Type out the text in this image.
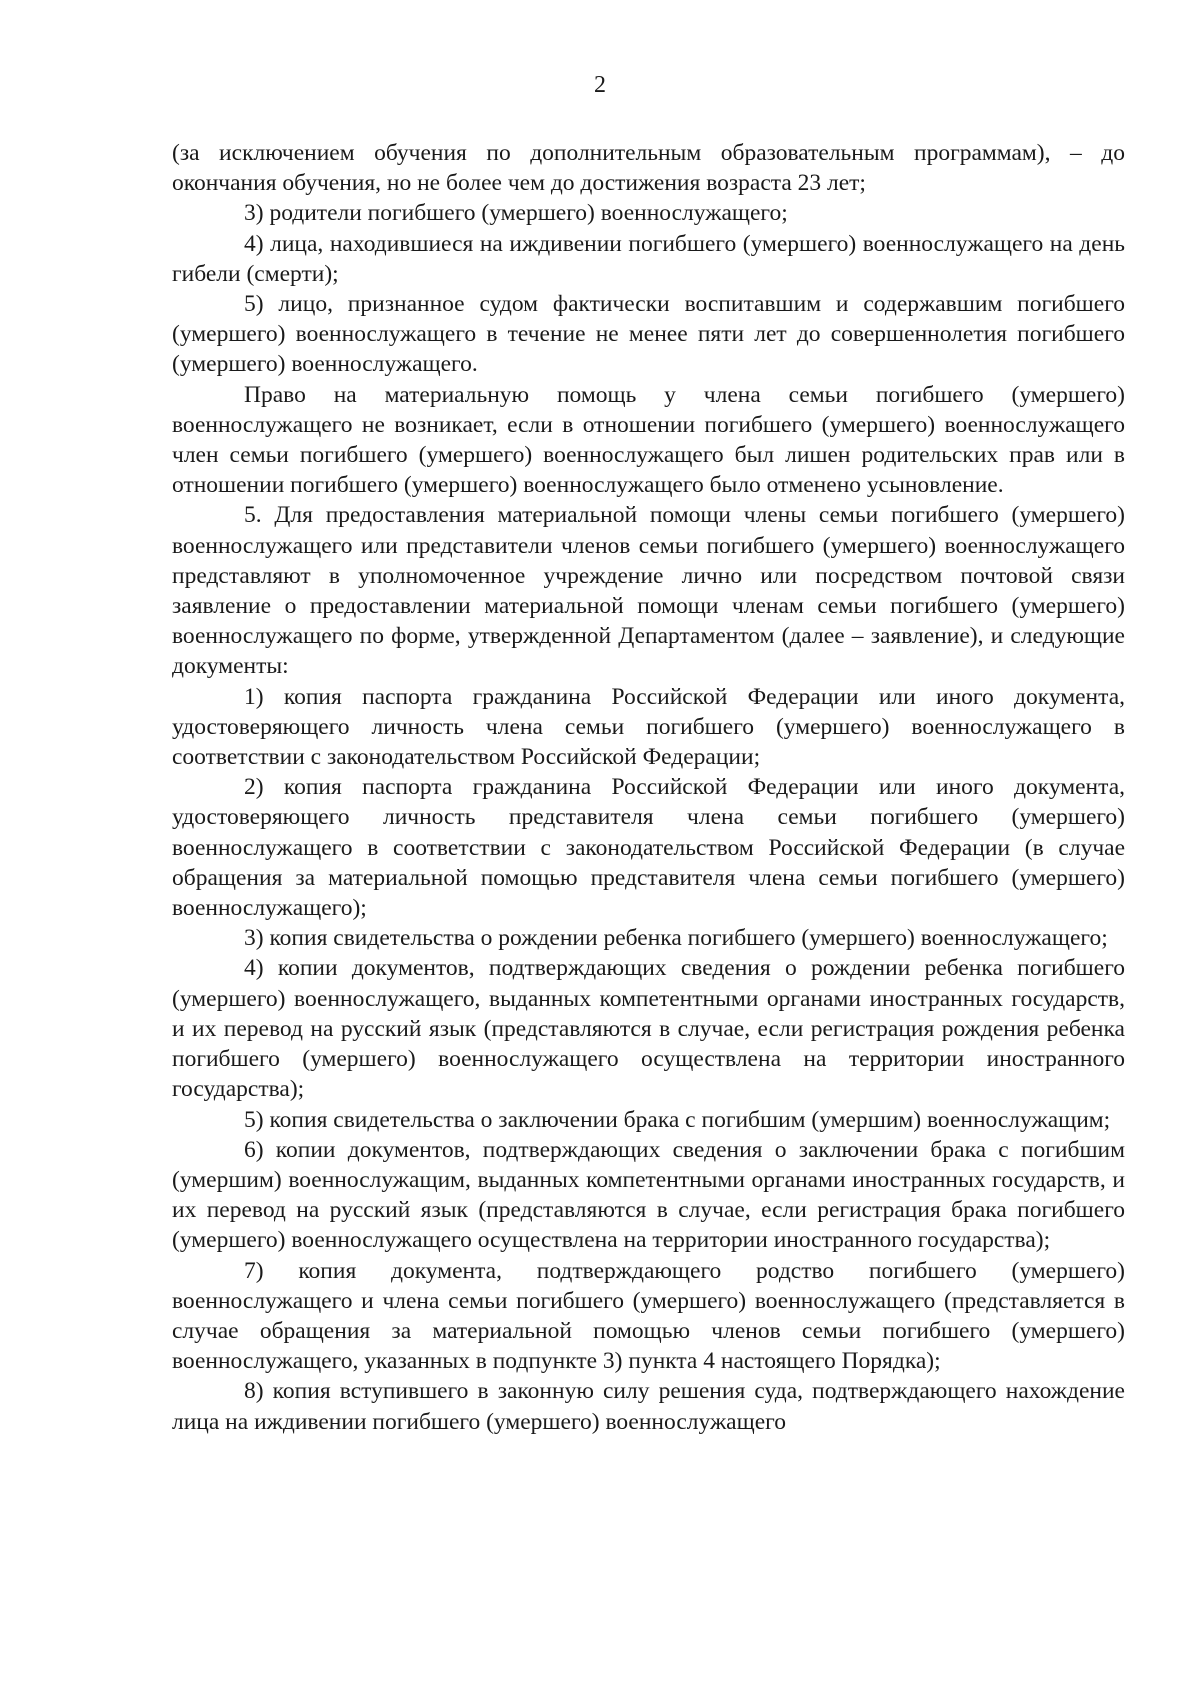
2

(за исключением обучения по дополнительным образовательным программам), – до окончания обучения, но не более чем до достижения возраста 23 лет;

3) родители погибшего (умершего) военнослужащего;

4) лица, находившиеся на иждивении погибшего (умершего) военнослужащего на день гибели (смерти);

5) лицо, признанное судом фактически воспитавшим и содержавшим погибшего (умершего) военнослужащего в течение не менее пяти лет до совершеннолетия погибшего (умершего) военнослужащего.

Право на материальную помощь у члена семьи погибшего (умершего) военнослужащего не возникает, если в отношении погибшего (умершего) военнослужащего член семьи погибшего (умершего) военнослужащего был лишен родительских прав или в отношении погибшего (умершего) военнослужащего было отменено усыновление.

5. Для предоставления материальной помощи члены семьи погибшего (умершего) военнослужащего или представители членов семьи погибшего (умершего) военнослужащего представляют в уполномоченное учреждение лично или посредством почтовой связи заявление о предоставлении материальной помощи членам семьи погибшего (умершего) военнослужащего по форме, утвержденной Департаментом (далее – заявление), и следующие документы:

1) копия паспорта гражданина Российской Федерации или иного документа, удостоверяющего личность члена семьи погибшего (умершего) военнослужащего в соответствии с законодательством Российской Федерации;

2) копия паспорта гражданина Российской Федерации или иного документа, удостоверяющего личность представителя члена семьи погибшего (умершего) военнослужащего в соответствии с законодательством Российской Федерации (в случае обращения за материальной помощью представителя члена семьи погибшего (умершего) военнослужащего);

3) копия свидетельства о рождении ребенка погибшего (умершего) военнослужащего;

4) копии документов, подтверждающих сведения о рождении ребенка погибшего (умершего) военнослужащего, выданных компетентными органами иностранных государств, и их перевод на русский язык (представляются в случае, если регистрация рождения ребенка погибшего (умершего) военнослужащего осуществлена на территории иностранного государства);

5) копия свидетельства о заключении брака с погибшим (умершим) военнослужащим;

6) копии документов, подтверждающих сведения о заключении брака с погибшим (умершим) военнослужащим, выданных компетентными органами иностранных государств, и их перевод на русский язык (представляются в случае, если регистрация брака погибшего (умершего) военнослужащего осуществлена на территории иностранного государства);

7) копия документа, подтверждающего родство погибшего (умершего) военнослужащего и члена семьи погибшего (умершего) военнослужащего (представляется в случае обращения за материальной помощью членов семьи погибшего (умершего) военнослужащего, указанных в подпункте 3) пункта 4 настоящего Порядка);

8) копия вступившего в законную силу решения суда, подтверждающего нахождение лица на иждивении погибшего (умершего) военнослужащего
